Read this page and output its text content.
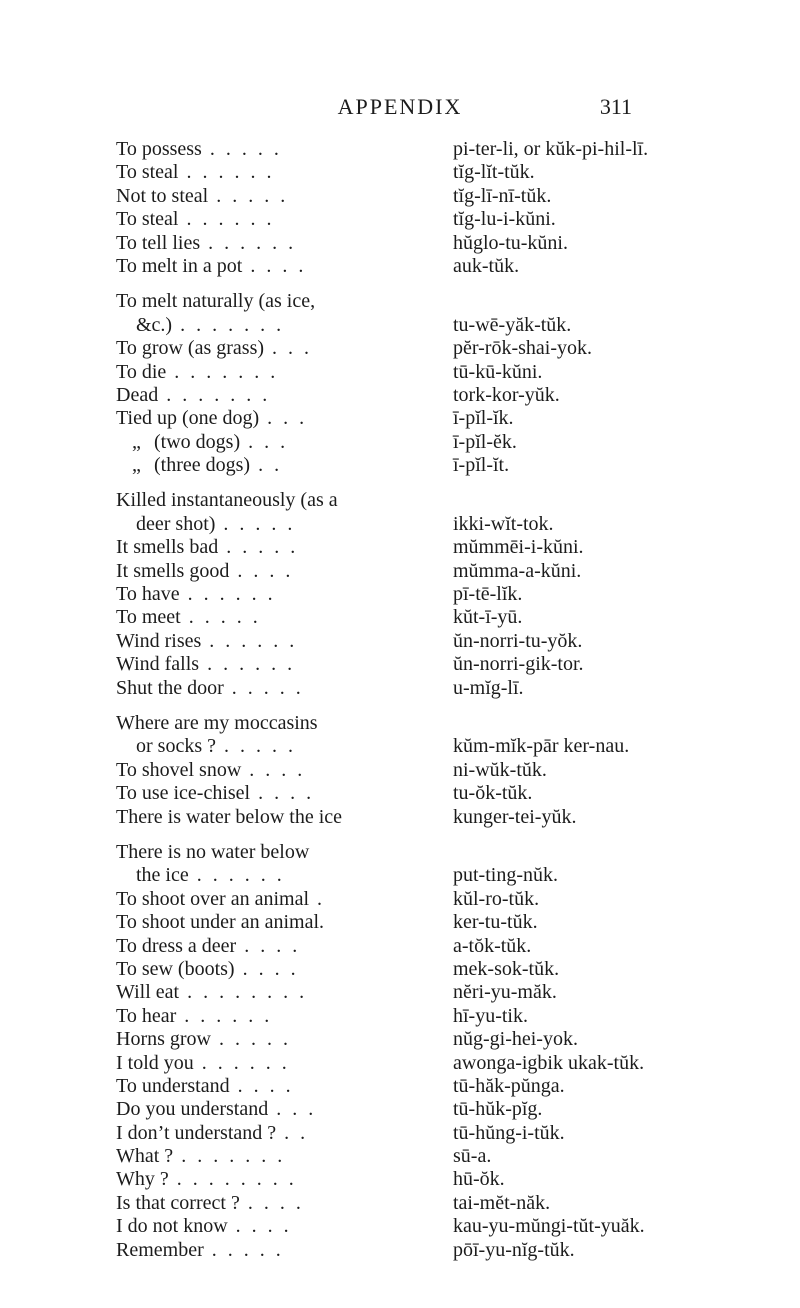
APPENDIX	311
To possess . . . . .	pi-ter-li, or kŭk-pi-hil-lī.
To steal . . . . . .	tĭg-lĭt-tŭk.
Not to steal . . . . .	tĭg-lī-nī-tŭk.
To steal . . . . . .	tĭg-lu-i-kŭni.
To tell lies . . . . . .	hŭglo-tu-kŭni.
To melt in a pot . . . .	auk-tŭk.
To melt naturally (as ice,
&c.) . . . . . . .	tu-wē-yăk-tŭk.
To grow (as grass) . . .	pĕr-rōk-shai-yok.
To die . . . . . . .	tū-kū-kŭni.
Dead . . . . . . .	tork-kor-yŭk.
Tied up (one dog) . . .	ī-pĭl-ĭk.
„ (two dogs) . . .	ī-pĭl-ĕk.
„ (three dogs) . .	ī-pĭl-ĭt.
Killed instantaneously (as a
deer shot) . . . . .	ikki-wĭt-tok.
It smells bad . . . . .	mŭmmēi-i-kŭni.
It smells good . . . .	mŭmma-a-kŭni.
To have . . . . . .	pī-tē-lĭk.
To meet . . . . .	kŭt-ī-yū.
Wind rises . . . . . .	ŭn-norri-tu-yŏk.
Wind falls . . . . . .	ŭn-norri-gik-tor.
Shut the door . . . . .	u-mĭg-lī.
Where are my moccasins
or socks ? . . . . .	kŭm-mĭk-pār ker-nau.
To shovel snow . . . .	ni-wŭk-tŭk.
To use ice-chisel . . . .	tu-ŏk-tŭk.
There is water below the ice	kunger-tei-yŭk.
There is no water below
the ice . . . . . .	put-ting-nŭk.
To shoot over an animal .	kŭl-ro-tŭk.
To shoot under an animal.	ker-tu-tŭk.
To dress a deer . . . .	a-tŏk-tŭk.
To sew (boots) . . . .	mek-sok-tŭk.
Will eat . . . . . . . .	nĕri-yu-măk.
To hear . . . . . .	hī-yu-tik.
Horns grow . . . . .	nŭg-gi-hei-yok.
I told you . . . . . .	awonga-igbik ukak-tŭk.
To understand . . . .	tū-hăk-pŭnga.
Do you understand . . .	tū-hŭk-pĭg.
I don’t understand ? . .	tū-hŭng-i-tŭk.
What ? . . . . . . .	sū-a.
Why ? . . . . . . . .	hū-ŏk.
Is that correct ? . . . .	tai-mĕt-năk.
I do not know . . . .	kau-yu-mŭngi-tŭt-yuăk.
Remember . . . . .	pōī-yu-nĭg-tŭk.
